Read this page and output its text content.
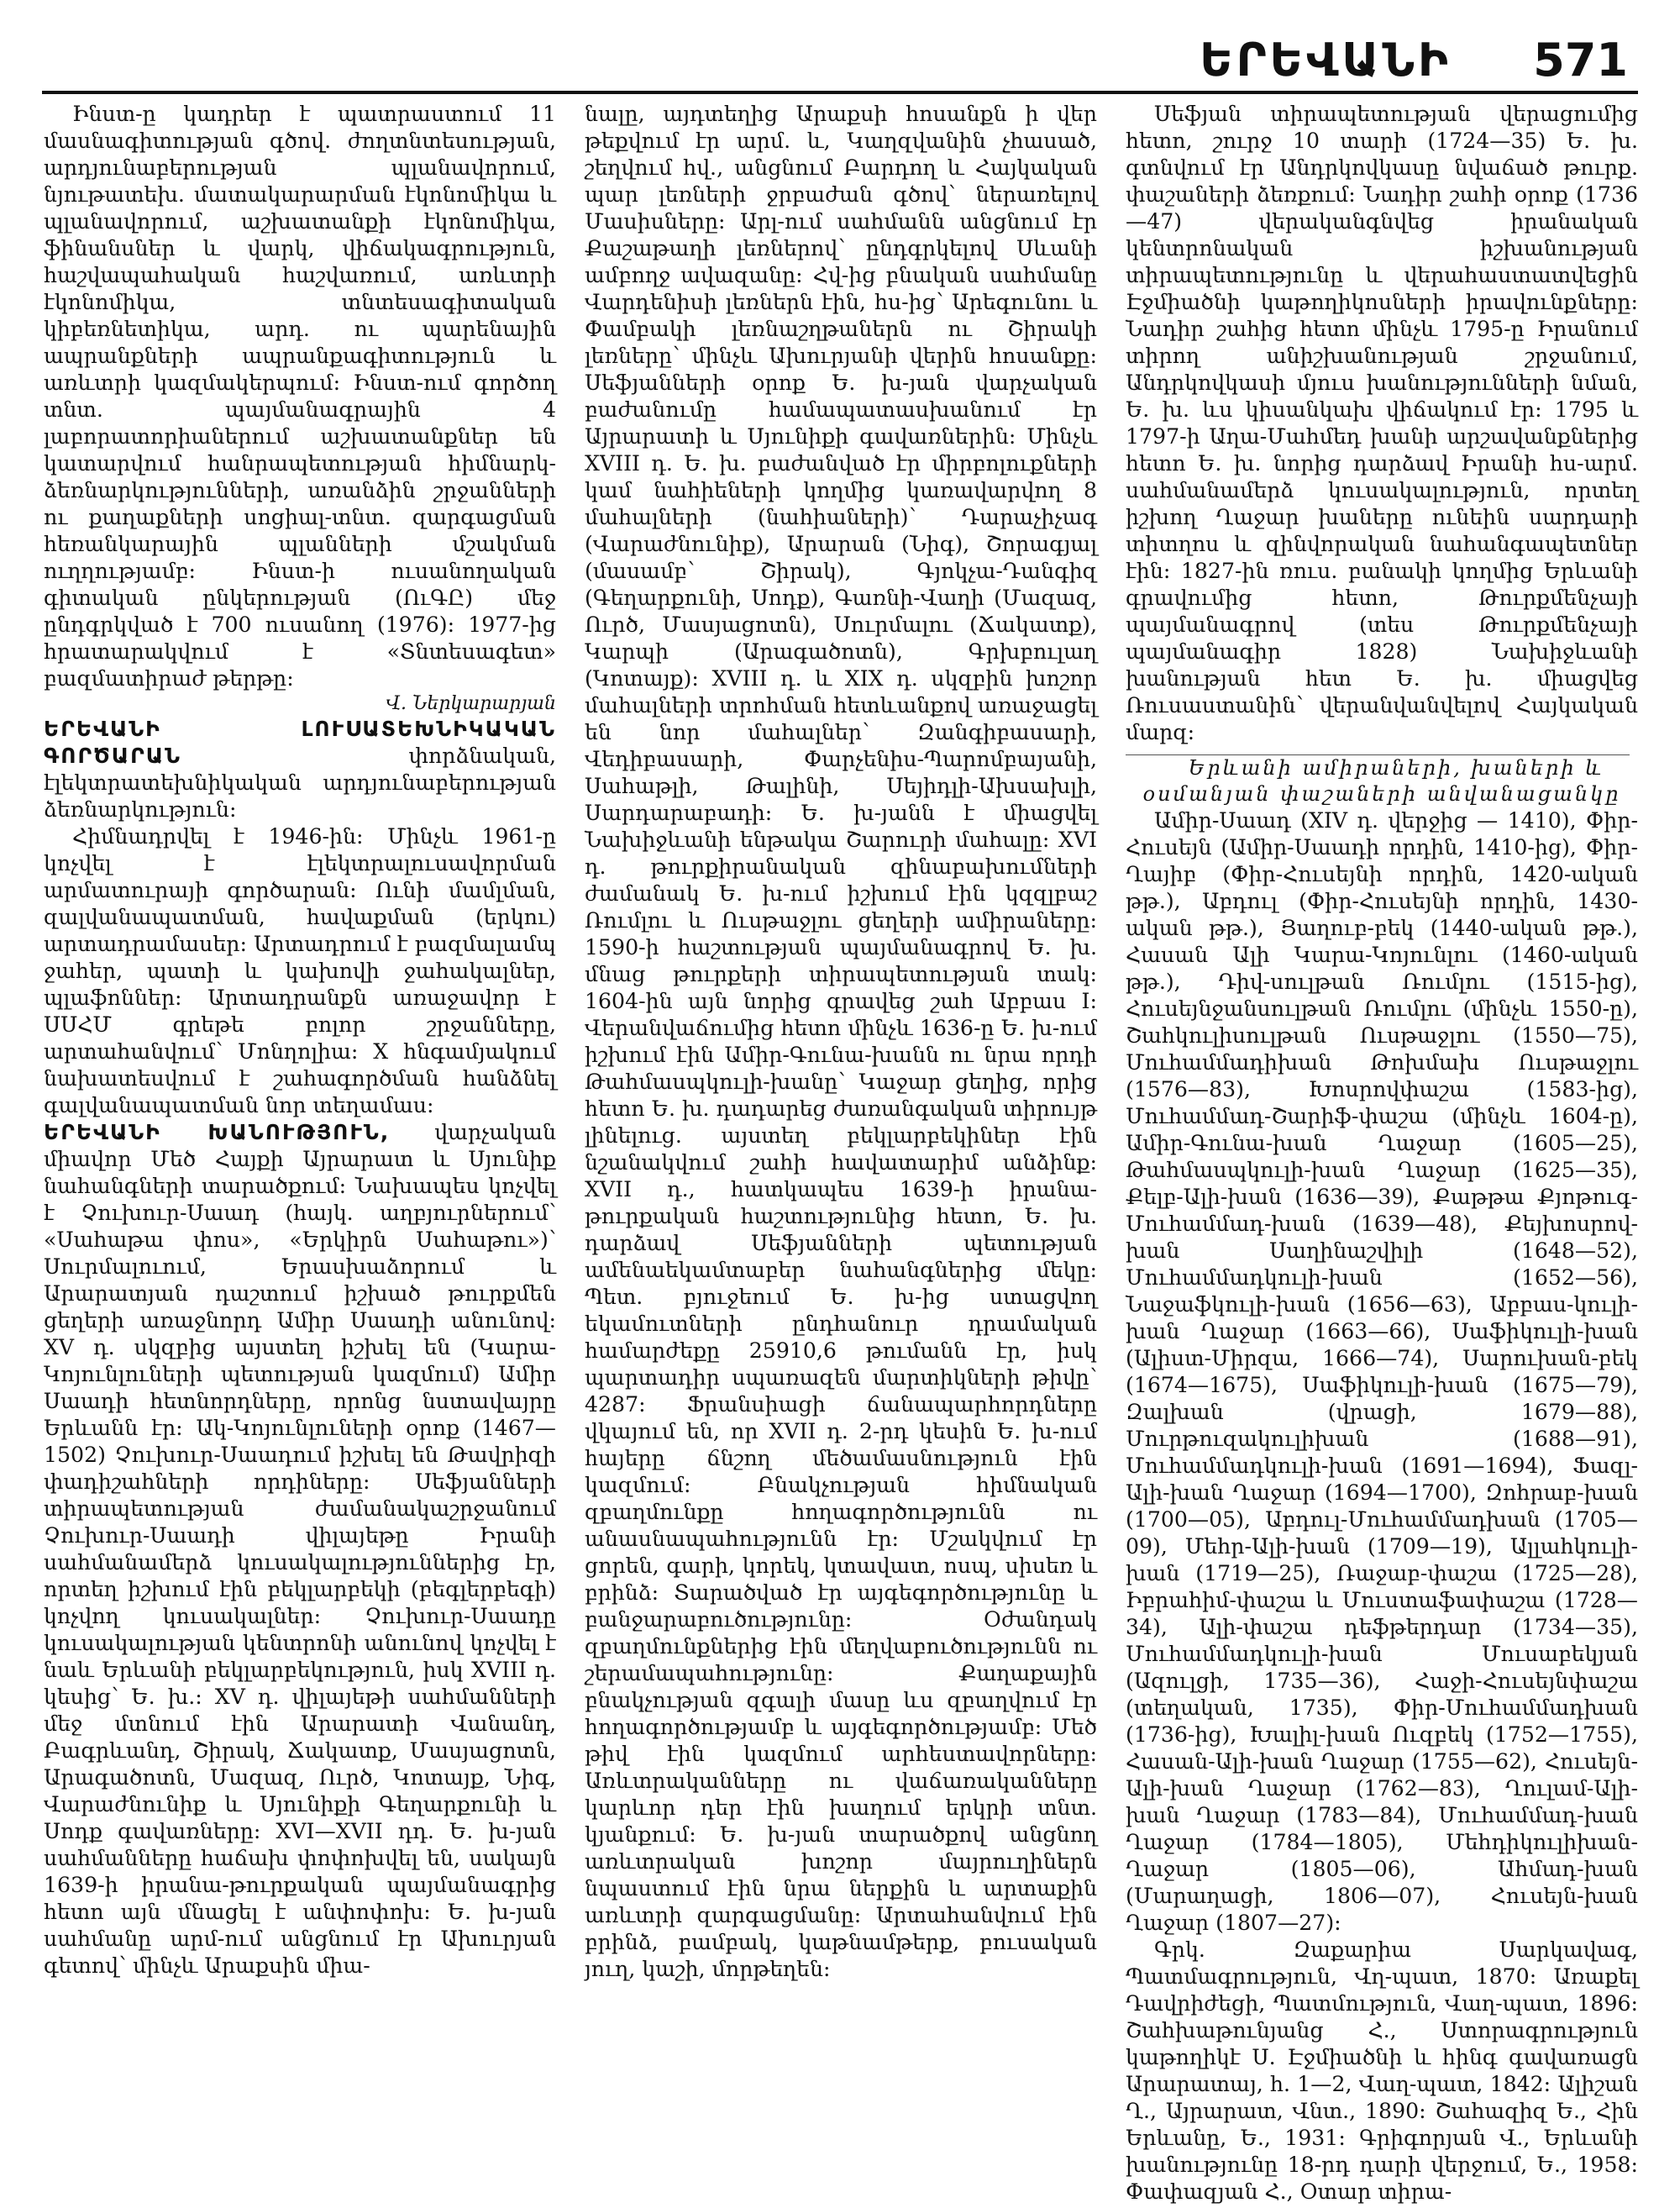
ԵՐԵՎԱՆԻ 571

Ինստ-ը կադրեր է պատրաստում 11 մասնագիտության գծով. ժողտնտեսության, արդյունաբերության պլանավորում, նյութատեխ. մատակարարման էկոնոմիկա և պլանավորում, աշխատանքի էկոնոմիկա, ֆինանսներ և վարկ, վիճակագրություն, հաշվապահական հաշվառում, առևտրի էկոնոմիկա, տնտեսագիտական կիբեռնետիկա, արդ. ու պարենային ապրանքների ապրանքագիտություն և առևտրի կազմակերպում: Ինստ-ում գործող տնտ. պայմանագրային 4 լաբորատորիաներում աշխատանքներ են կատարվում հանրապետության հիմնարկ-ձեռնարկությունների, առանձին շրջանների ու քաղաքների սոցիալ-տնտ. զարգացման հեռանկարային պլանների մշակման ուղղությամբ: Ինստ-ի ուսանողական գիտական ընկերության (ՈւԳԸ) մեջ ընդգրկված է 700 ուսանող (1976): 1977-ից հրատարակվում է «Տնտեսագետ» բազմատիրաժ թերթը:

Վ. Ներկարարյան

ԵՐԵՎԱՆԻ ԼՈՒՍԱՏԵԽՆԻԿԱԿԱՆ ԳՈՐԾԱՐԱՆ	փորձնական, էլեկտրատեխնիկական արդյունաբերության ձեռնարկություն:

Հիմնադրվել է 1946-ին: Մինչև 1961-ը կոչվել է էլեկտրալուսավորման արմատուրայի գործարան: Ունի մամլման, զալվանապատման, հավաքման (երկու) արտադրամասեր: Արտադրում է բազմալամպ ջահեր, պատի և կախովի ջահակալներ, պլաֆոններ: Արտադրանքն առաջավոր է ՍՍՀՄ գրեթե բոլոր շրջանները, արտահանվում՝ Մոնղոլիա: X հնգամյակում նախատեսվում է շահագործման հանձնել գալվանապատման նոր տեղամաս:

ԵՐԵՎԱՆԻ ԽԱՆՈՒԹՅՈՒՆ, վարչական միավոր Մեծ Հայքի Այրարատ և Սյունիք նահանգների տարածքում: Նախապես կոչվել է Չուխուր-Սաադ (հայկ. աղբյուրներում՝ «Սահաթա փոս», «Երկիրն Սահաթու»)՝ Սուրմալուում, Երասխաձորում և Արարատյան դաշտում իշխած թուրքմեն ցեղերի առաջնորդ Ամիր Սաադի անունով: XV դ. սկզբից այստեղ իշխել են (Կարա-Կոյունլուների պետության կազմում) Ամիր Սաադի հետնորդները, որոնց նստավայրը Երևանն էր: Ակ-Կոյունլուների օրոք (1467—1502) Չուխուր-Սաադում իշխել են Թավրիզի փադիշահների որդիները: Սեֆյանների տիրապետության ժամանակաշրջանում Չուխուր-Սաադի վիլայեթը Իրանի սահմանամերձ կուսակալություններից էր, որտեղ իշխում էին բեկլարբեկի (բեգլերբեգի) կոչվող կուսակալներ: Չուխուր-Սաադը կուսակալության կենտրոնի անունով կոչվել է նաև Երևանի բեկլարբեկություն, իսկ XVIII դ. կեսից՝ Ե. խ.: XV դ. վիլայեթի սահմանների մեջ մտնում էին Արարատի Վանանդ, Բագրևանդ, Շիրակ, Ճակատք, Մասյացոտն, Արագածոտն, Մազազ, Ուրծ, Կոտայք, Նիգ, Վարաժնունիք և Սյունիքի Գեղարքունի և Սոդք գավառները: XVI—XVII դդ. Ե. խ-յան սահմանները հաճախ փոփոխվել են, սակայն 1639-ի իրանա-թուրքական պայմանագրից հետո այն մնացել է անփոփոխ: Ե. խ-յան սահմանը արմ-ում անցնում էր Ախուրյան գետով՝ մինչև Արաքսին միա-

նալը, այդտեղից Արաքսի հոսանքն ի վեր թեքվում էր արմ. և, Կաղզվանին չհասած, շեղվում հվ., անցնում Բարդող և Հայկական պար լեռների ջրբաժան գծով՝ ներառելով Մասիսները: Արլ-ում սահմանն անցնում էր Քաշաթաղի լեռներով՝ ընդգրկելով Սևանի ամբողջ ավազանը: Հվ-ից բնական սահմանը Վարդենիսի լեռներն էին, հս-ից՝ Արեգունու և Փամբակի լեռնաշղթաներն ու Շիրակի լեռները՝ մինչև Ախուրյանի վերին հոսանքը: Սեֆյանների օրոք Ե. խ-յան վարչական բաժանումը համապատասխանում էր Այրարատի և Սյունիքի գավառներին: Մինչև XVIII դ. Ե. խ. բաժանված էր միրբոլուքների կամ նահիեների կողմից կառավարվող 8 մահալների (նահիաների)՝ Դարաչիչագ (Վարաժնունիք), Արարան (Նիգ), Շորագյալ (մասամբ՝ Շիրակ), Գյոկչա-Դանգիզ (Գեղարքունի, Սոդք), Գառնի-Վաղի (Մազազ, Ուրծ, Մասյացոտն), Սուրմալու (Ճակատք), Կարպի (Արագածոտն), Գրխբուլաղ (Կոտայք): XVIII դ. և XIX դ. սկզբին խոշոր մահալների տրոհման հետևանքով առաջացել են նոր մահալներ՝ Զանգիբասարի, Վեդիբասարի, Փարչենիս-Պարոմբայանի, Սահաթլի, Թալինի, Սեյիդլի-Ախսախլի, Սարդարաբադի: Ե. խ-յանն է միացվել Նախիջևանի ենթակա Շարուրի մահալը: XVI դ. թուրքիրանական զինաբախումների ժամանակ Ե. խ-ում իշխում էին կզզլբաշ Ռումլու և Ուսթաջլու ցեղերի ամիրաները: 1590-ի հաշտության պայմանագրով Ե. խ. մնաց թուրքերի տիրապետության տակ: 1604-ին այն նորից գրավեց շահ Աբբաս I: Վերանվաճումից հետո մինչև 1636-ը Ե. խ-ում իշխում էին Ամիր-Գունա-խանն ու նրա որդի Թահմասպկուլի-խանը՝ Կաջար ցեղից, որից հետո Ե. խ. դադարեց ժառանգական տիրույթ լինելուց. այստեղ բեկլարբեկիներ էին նշանակվում շահի հավատարիմ անձինք: XVII դ., հատկապես 1639-ի իրանա-թուրքական հաշտությունից հետո, Ե. խ. դարձավ Սեֆյանների պետության ամենաեկամտաբեր նահանգներից մեկը: Պետ. բյուջեում Ե. խ-ից ստացվող եկամուտների ընդհանուր դրամական համարժեքը 25910,6 թումանն էր, իսկ պարտադիր սպառազեն մարտիկների թիվը՝ 4287: Ֆրանսիացի ճանապարհորդները վկայում են, որ XVII դ. 2-րդ կեսին Ե. խ-ում հայերը ճնշող մեծամասնություն էին կազմում: Բնակչության հիմնական զբաղմունքը հողագործությունն ու անասնապահությունն էր: Մշակվում էր ցորեն, գարի, կորեկ, կտավատ, ոսպ, սիսեռ և բրինձ: Տարածված էր այգեգործությունը և բանջարաբուծությունը: Օժանդակ զբաղմունքներից էին մեղվաբուծությունն ու շերամապահությունը: Քաղաքային բնակչության զգալի մասը ևս զբաղվում էր հողագործությամբ և այգեգործությամբ: Մեծ թիվ էին կազմում արհեստավորները: Առևտրականները ու վաճառականները կարևոր դեր էին խաղում երկրի տնտ. կյանքում: Ե. խ-յան տարածքով անցնող առևտրական խոշոր մայրուղիներն նպաստում էին նրա ներքին և արտաքին առևտրի զարգացմանը: Արտահանվում էին բրինձ, բամբակ, կաթնամթերք, բուսական յուղ, կաշի, մորթեղեն:

Սեֆյան տիրապետության վերացումից հետո, շուրջ 10 տարի (1724—35) Ե. խ. գտնվում էր Անդրկովկասը նվաճած թուրք. փաշաների ձեռքում: Նադիր շահի օրոք (1736—47) վերականգնվեց իրանական կենտրոնական իշխանության տիրապետությունը և վերահաստատվեցին Էջմիածնի կաթողիկոսների իրավունքները: Նադիր շահից հետո մինչև 1795-ը Իրանում տիրող անիշխանության շրջանում, Անդրկովկասի մյուս խանությունների նման, Ե. խ. ևս կիսանկախ վիճակում էր: 1795 և 1797-ի Աղա-Մահմեդ խանի արշավանքներից հետո Ե. խ. նորից դարձավ Իրանի հս-արմ. սահմանամերձ կուսակալություն, որտեղ իշխող Ղաջար խաները ունեին սարդարի տիտղոս և զինվորական նահանգապետներ էին: 1827-ին ռուս. բանակի կողմից Երևանի գրավումից հետո, Թուրքմենչայի պայմանագրով (տես Թուրքմենչայի պայմանագիր 1828) Նախիջևանի խանության հետ Ե. խ. միացվեց Ռուսաստանին՝ վերանվանվելով Հայկական մարզ:

Երևանի ամիրաների, խաների և օսմանյան փաշաների անվանացանկը

Ամիր-Սաադ (XIV դ. վերջից — 1410), Փիր-Հուսեյն (Ամիր-Սաադի որդին, 1410-ից), Փիր-Ղայիբ (Փիր-Հուսեյնի որդին, 1420-ական թթ.), Աբդուլ (Փիր-Հուսեյնի որդին, 1430-ական թթ.), Յաղուբ-բեկ (1440-ական թթ.), Հասան Ալի Կարա-Կոյունլու (1460-ական թթ.), Դիվ-սուլթան Ռումլու (1515-ից), Հուսեյնջանսուլթան Ռումլու (մինչև 1550-ը), Շահկուլիսուլթան Ուսթաջլու (1550—75), Մուհամմադիխան Թոխմախ Ուսթաջլու (1576—83), Խոսրովփաշա (1583-ից), Մուհամմադ-Շարիֆ-փաշա (մինչև 1604-ը), Ամիր-Գունա-խան Ղաջար (1605—25), Թահմասպկուլի-խան Ղաջար (1625—35), Քելբ-Ալի-խան (1636—39), Քաթթա Քյոթուգ-Մուհամմադ-խան (1639—48), Քեյխոսրով-խան Սաղինաշվիլի (1648—52), Մուհամմադկուլի-խան (1652—56), Նաջաֆկուլի-խան (1656—63), Աբբաս-կուլի-խան Ղաջար (1663—66), Սաֆիկուլի-խան (Ալիստ-Միրզա, 1666—74), Սարուխան-բեկ (1674—1675), Սաֆիկուլի-խան (1675—79), Զալխան (վրացի, 1679—88), Մուրթուզակուլիխան (1688—91), Մուհամմադկուլի-խան (1691—1694), Ֆազլ-Ալի-խան Ղաջար (1694—1700), Զոհրաբ-խան (1700—05), Աբդուլ-Մուհամմադխան (1705—09), Մեհր-Ալի-խան (1709—19), Ալլահկուլի-խան (1719—25), Ռաջաբ-փաշա (1725—28), Իբրահիմ-փաշա և Մուստաֆափաշա (1728—34), Ալի-փաշա դեֆթերդար (1734—35), Մուհամմադկուլի-խան Մուսաբեկյան (Ազուլցի, 1735—36), Հաջի-Հուսեյնփաշա (տեղական, 1735), Փիր-Մուհամմադխան (1736-ից), Խալիլ-խան Ուզբեկ (1752—1755), Հասան-Ալի-խան Ղաջար (1755—62), Հուսեյն-Ալի-խան Ղաջար (1762—83), Ղուլամ-Ալի-խան Ղաջար (1783—84), Մուհամմադ-խան Ղաջար (1784—1805), Մեհդիկուլիխան-Ղաջար (1805—06), Ահմադ-խան (Մարաղացի, 1806—07), Հուսեյն-խան Ղաջար (1807—27):

Գրկ. Զաքարիա Սարկավագ, Պատմագրություն, Վղ-պատ, 1870: Առաքել Դավրիժեցի, Պատմություն, Վաղ-պատ, 1896: Շահխաթունյանց Հ., Ստորագրություն կաթողիկէ Ս. Էջմիածնի և հինգ գավառացն Արարատայ, հ. 1—2, Վաղ-պատ, 1842: Ալիշան Ղ., Այրարատ, Վնտ., 1890: Շահազիզ Ե., Հին Երևանը, Ե., 1931: Գրիգորյան Վ., Երևանի խանությունը 18-րդ դարի վերջում, Ե., 1958: Փափազյան Հ., Օտար տիրա-
